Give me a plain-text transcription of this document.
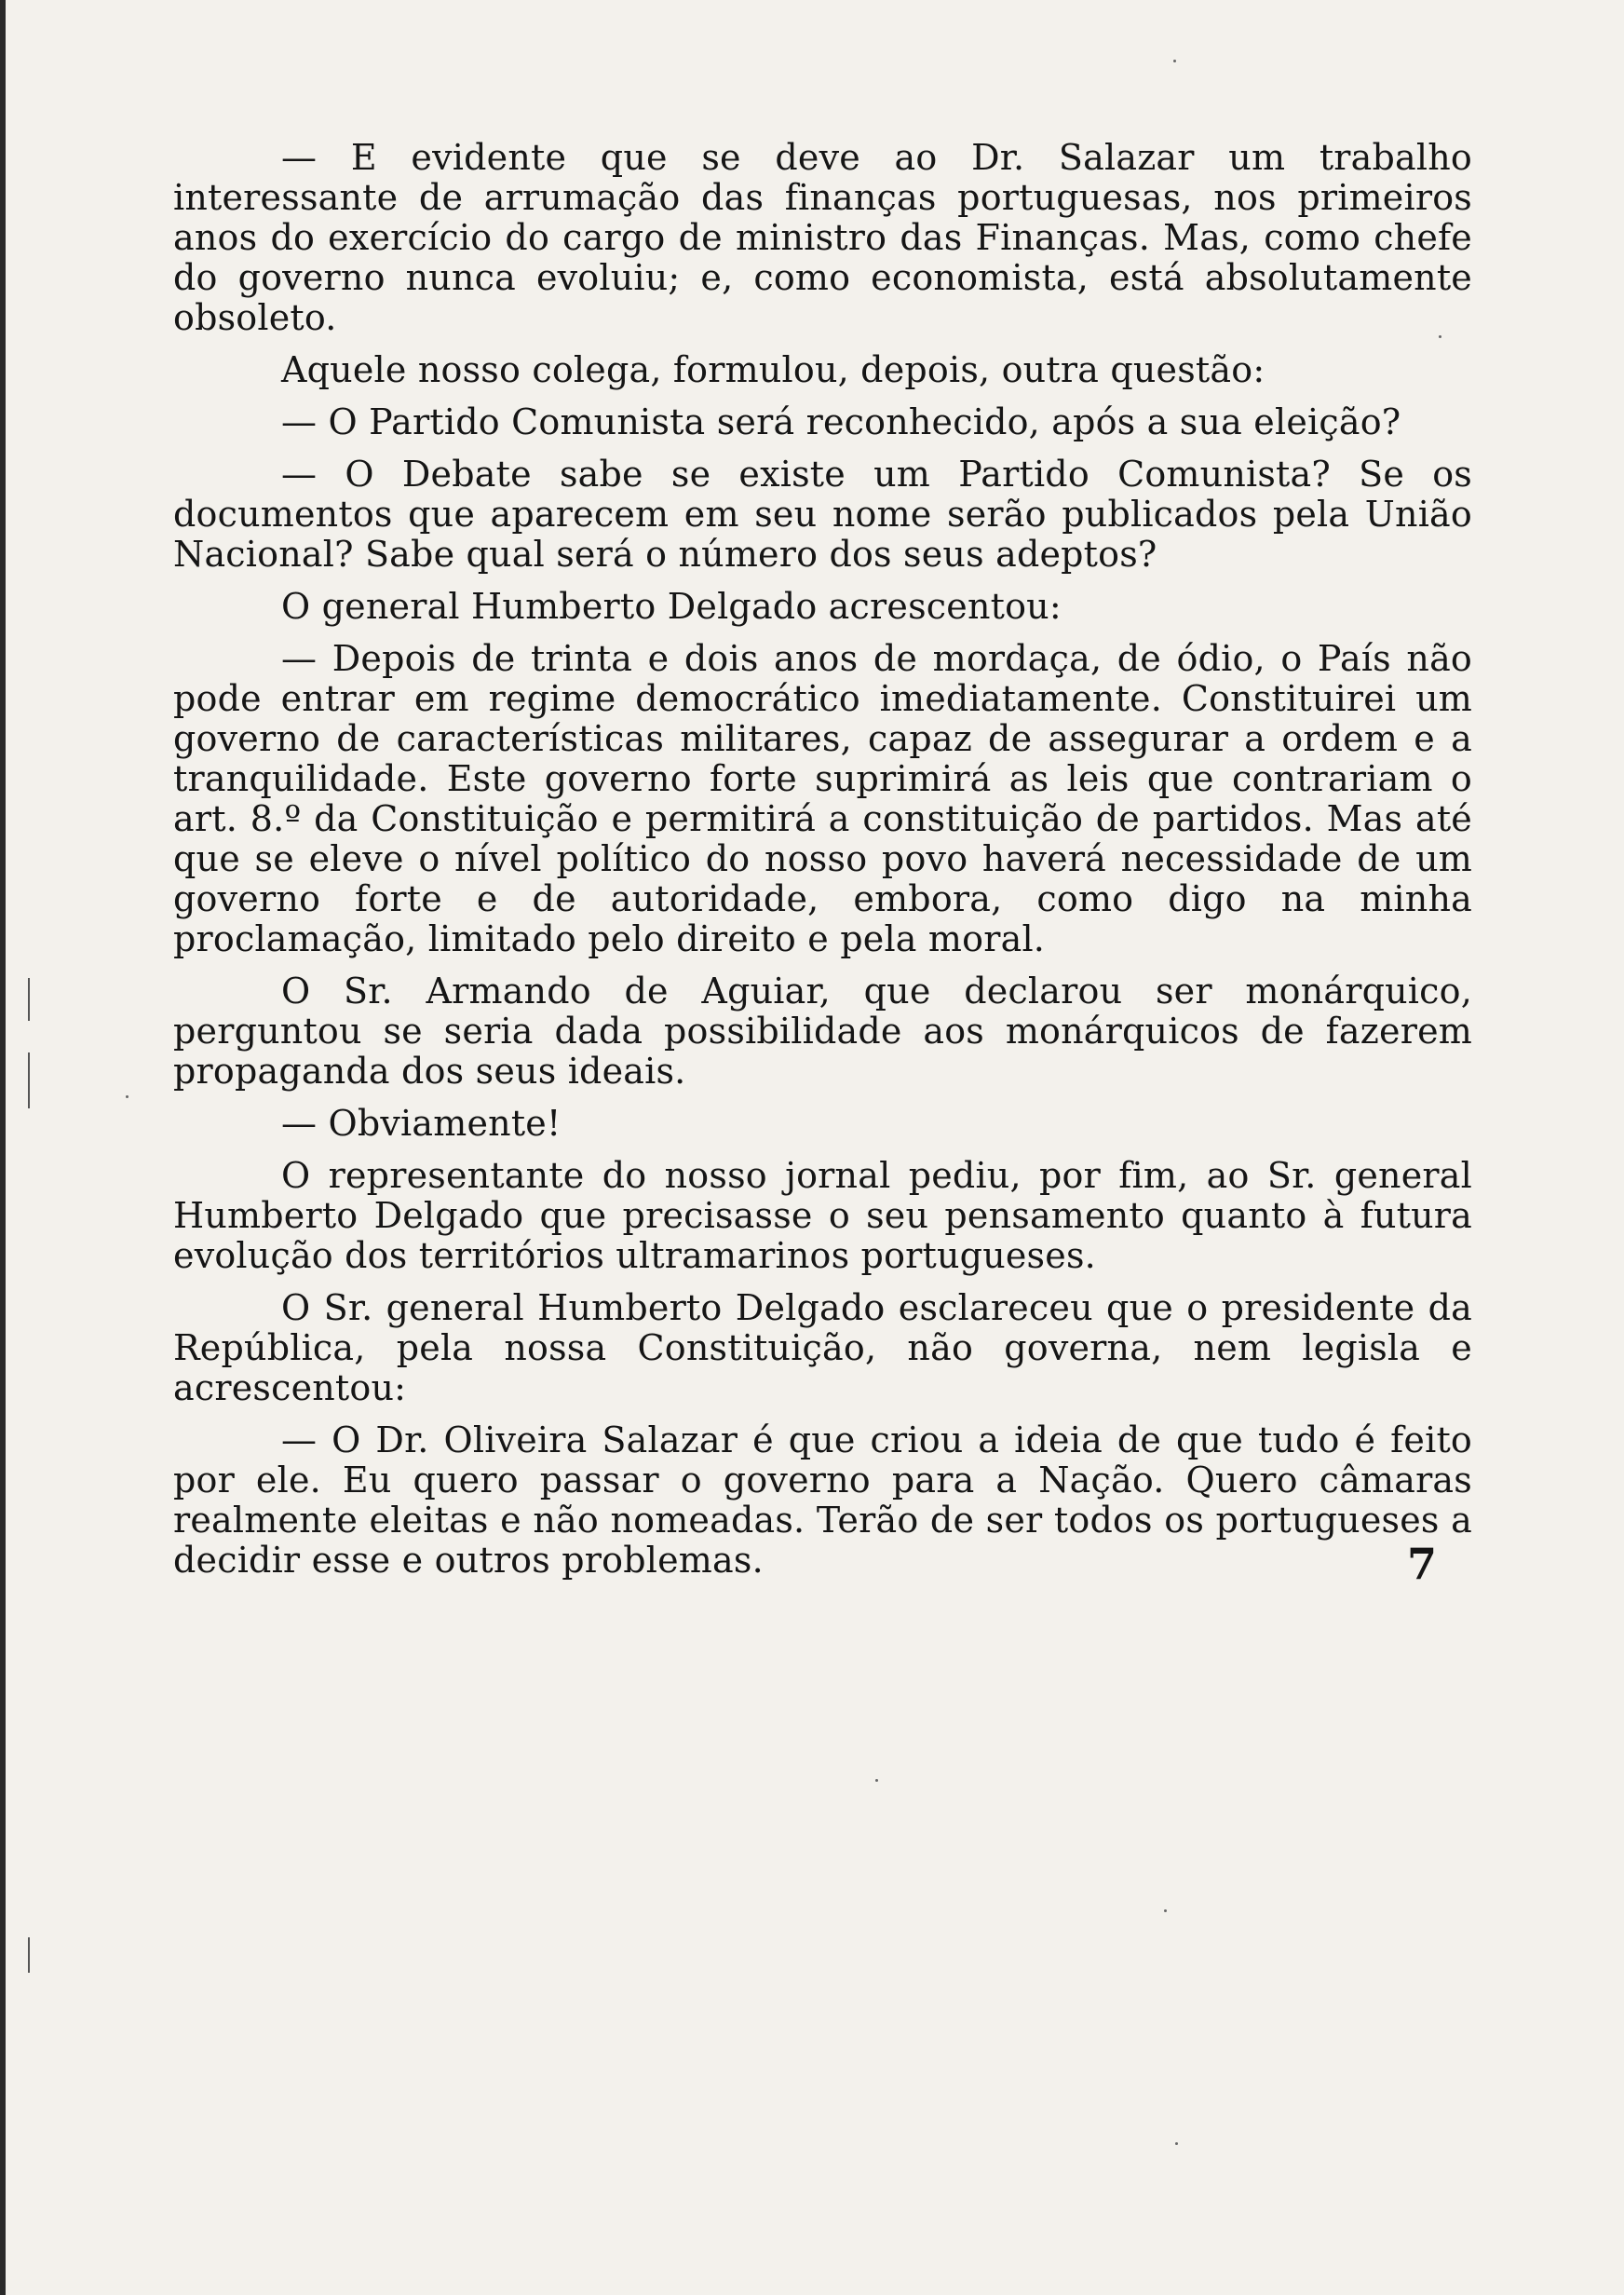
— E evidente que se deve ao Dr. Salazar um trabalho interessante de arrumação das finanças portuguesas, nos primeiros anos do exercício do cargo de ministro das Finanças. Mas, como chefe do governo nunca evoluiu; e, como economista, está absolutamente obsoleto.

Aquele nosso colega, formulou, depois, outra questão:

— O Partido Comunista será reconhecido, após a sua eleição?

— O Debate sabe se existe um Partido Comunista? Se os documentos que aparecem em seu nome serão publicados pela União Nacional? Sabe qual será o número dos seus adeptos?

O general Humberto Delgado acrescentou:

— Depois de trinta e dois anos de mordaça, de ódio, o País não pode entrar em regime democrático imediatamente. Constituirei um governo de características militares, capaz de assegurar a ordem e a tranquilidade. Este governo forte suprimirá as leis que contrariam o art. 8.º da Constituição e permitirá a constituição de partidos. Mas até que se eleve o nível político do nosso povo haverá necessidade de um governo forte e de autoridade, embora, como digo na minha proclamação, limitado pelo direito e pela moral.

O Sr. Armando de Aguiar, que declarou ser monárquico, perguntou se seria dada possibilidade aos monárquicos de fazerem propaganda dos seus ideais.

— Obviamente!

O representante do nosso jornal pediu, por fim, ao Sr. general Humberto Delgado que precisasse o seu pensamento quanto à futura evolução dos territórios ultramarinos portugueses.

O Sr. general Humberto Delgado esclareceu que o presidente da República, pela nossa Constituição, não governa, nem legisla e acrescentou:

— O Dr. Oliveira Salazar é que criou a ideia de que tudo é feito por ele. Eu quero passar o governo para a Nação. Quero câmaras realmente eleitas e não nomeadas. Terão de ser todos os portugueses a decidir esse e outros problemas.	7
